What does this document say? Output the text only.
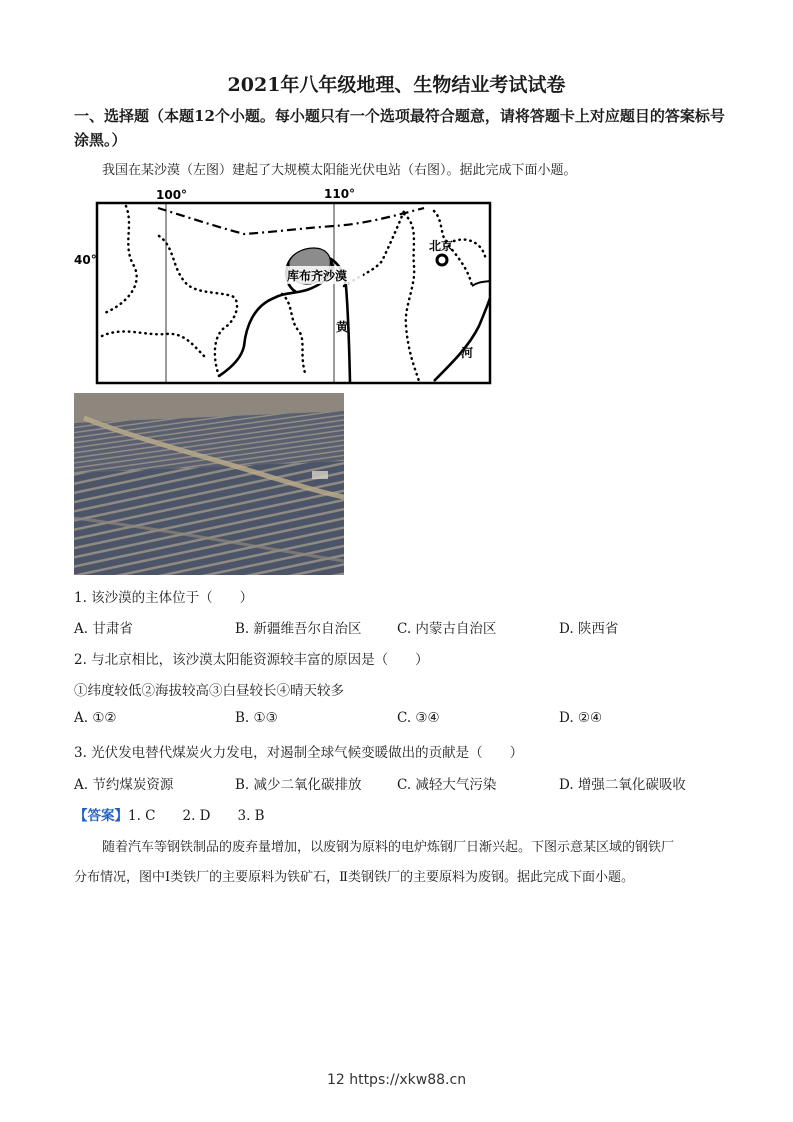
2021年八年级地理、生物结业考试试卷
一、选择题（本题12个小题。每小题只有一个选项最符合题意，请将答题卡上对应题目的答案标号涂黑。）
我国在某沙漠（左图）建起了大规模太阳能光伏电站（右图）。据此完成下面小题。
100°	110°
40°
库布齐沙漠
北京
黄
河
1. 该沙漠的主体位于（　　）
A. 甘肃省	B. 新疆维吾尔自治区	C. 内蒙古自治区	D. 陕西省
2. 与北京相比，该沙漠太阳能资源较丰富的原因是（　　）
①纬度较低②海拔较高③白昼较长④晴天较多
A. ①②	B. ①③	C. ③④	D. ②④
3. 光伏发电替代煤炭火力发电，对遏制全球气候变暖做出的贡献是（　　）
A. 节约煤炭资源	B. 减少二氧化碳排放	C. 减轻大气污染	D. 增强二氧化碳吸收
【答案】1. C　　2. D　　3. B
随着汽车等钢铁制品的废弃量增加，以废钢为原料的电炉炼钢厂日渐兴起。下图示意某区域的钢铁厂
分布情况，图中Ⅰ类铁厂的主要原料为铁矿石，Ⅱ类钢铁厂的主要原料为废钢。据此完成下面小题。
12 https://xkw88.cn
